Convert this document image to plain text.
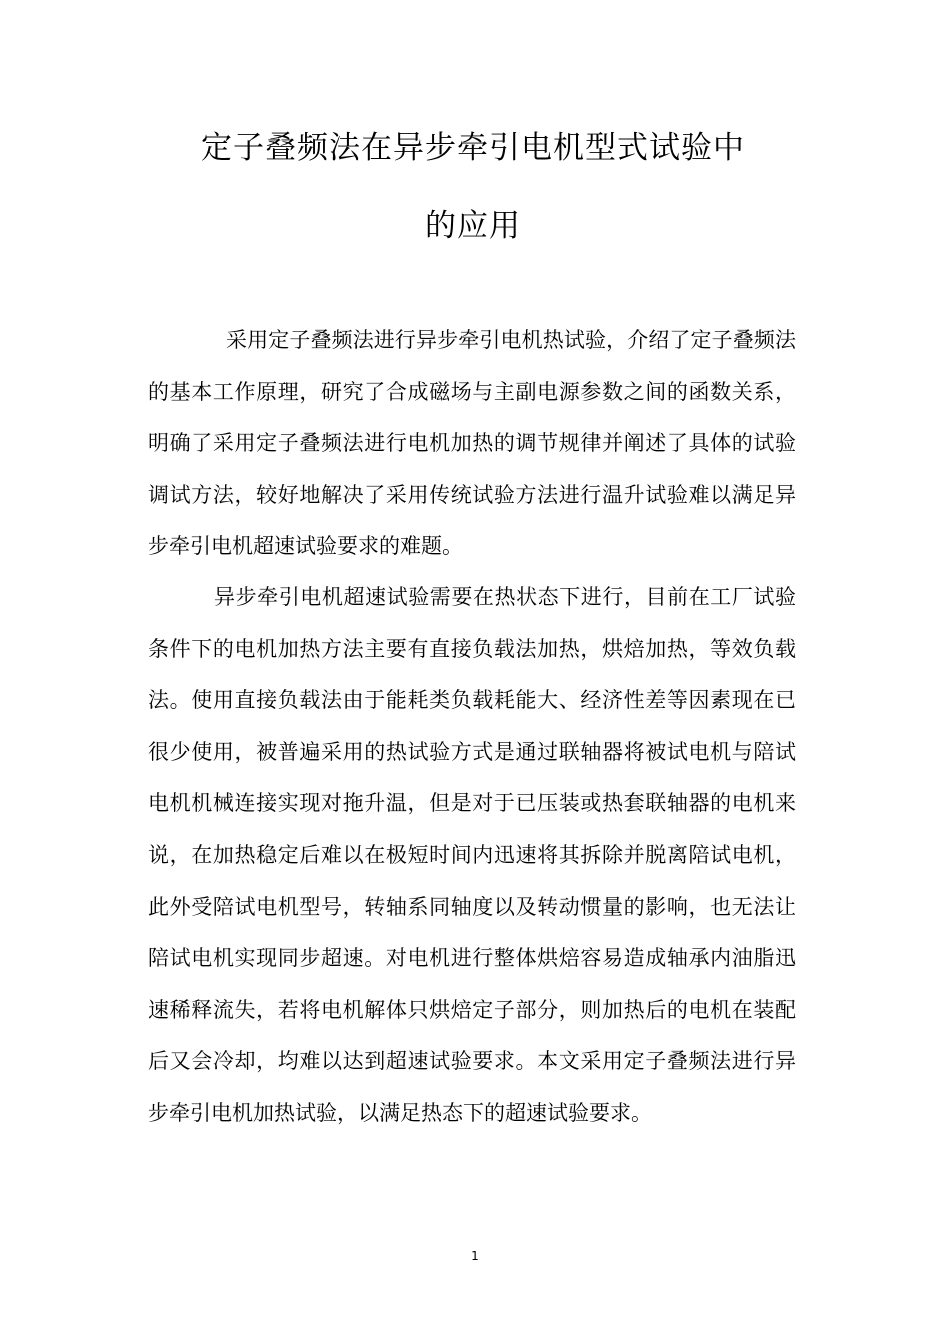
定子叠频法在异步牵引电机型式试验中
的应用

采用定子叠频法进行异步牵引电机热试验，介绍了定子叠频法的基本工作原理，研究了合成磁场与主副电源参数之间的函数关系，明确了采用定子叠频法进行电机加热的调节规律并阐述了具体的试验调试方法，较好地解决了采用传统试验方法进行温升试验难以满足异步牵引电机超速试验要求的难题。

异步牵引电机超速试验需要在热状态下进行，目前在工厂试验条件下的电机加热方法主要有直接负载法加热，烘焙加热，等效负载法。使用直接负载法由于能耗类负载耗能大、经济性差等因素现在已很少使用，被普遍采用的热试验方式是通过联轴器将被试电机与陪试电机机械连接实现对拖升温，但是对于已压装或热套联轴器的电机来说，在加热稳定后难以在极短时间内迅速将其拆除并脱离陪试电机，此外受陪试电机型号，转轴系同轴度以及转动惯量的影响，也无法让陪试电机实现同步超速。对电机进行整体烘焙容易造成轴承内油脂迅速稀释流失，若将电机解体只烘焙定子部分，则加热后的电机在装配后又会冷却，均难以达到超速试验要求。本文采用定子叠频法进行异步牵引电机加热试验，以满足热态下的超速试验要求。

1
